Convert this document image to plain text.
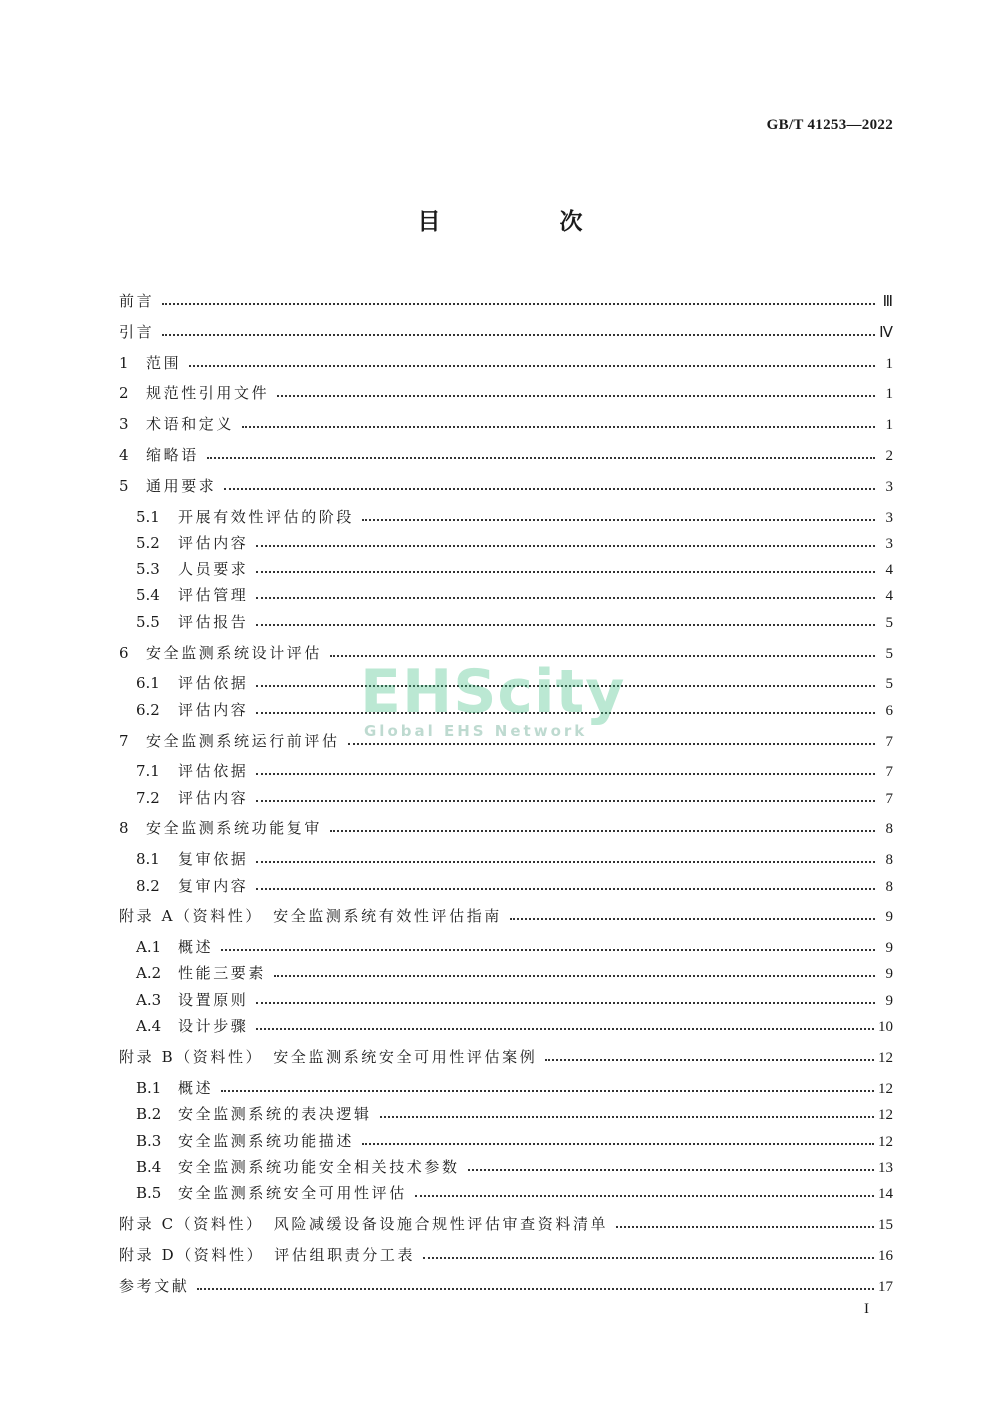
GB/T 41253—2022
目　次
前言	Ⅲ
引言	Ⅳ
1	范围	1
2	规范性引用文件	1
3	术语和定义	1
4	缩略语	2
5	通用要求	3
5.1	开展有效性评估的阶段	3
5.2	评估内容	3
5.3	人员要求	4
5.4	评估管理	4
5.5	评估报告	5
6	安全监测系统设计评估	5
6.1	评估依据	5
6.2	评估内容	6
7	安全监测系统运行前评估	7
7.1	评估依据	7
7.2	评估内容	7
8	安全监测系统功能复审	8
8.1	复审依据	8
8.2	复审内容	8
附录 A（资料性）　安全监测系统有效性评估指南	9
A.1	概述	9
A.2	性能三要素	9
A.3	设置原则	9
A.4	设计步骤	10
附录 B（资料性）　安全监测系统安全可用性评估案例	12
B.1	概述	12
B.2	安全监测系统的表决逻辑	12
B.3	安全监测系统功能描述	12
B.4	安全监测系统功能安全相关技术参数	13
B.5	安全监测系统安全可用性评估	14
附录 C（资料性）　风险减缓设备设施合规性评估审查资料清单	15
附录 D（资料性）　评估组职责分工表	16
参考文献	17
EHScity
Global EHS Network
I
